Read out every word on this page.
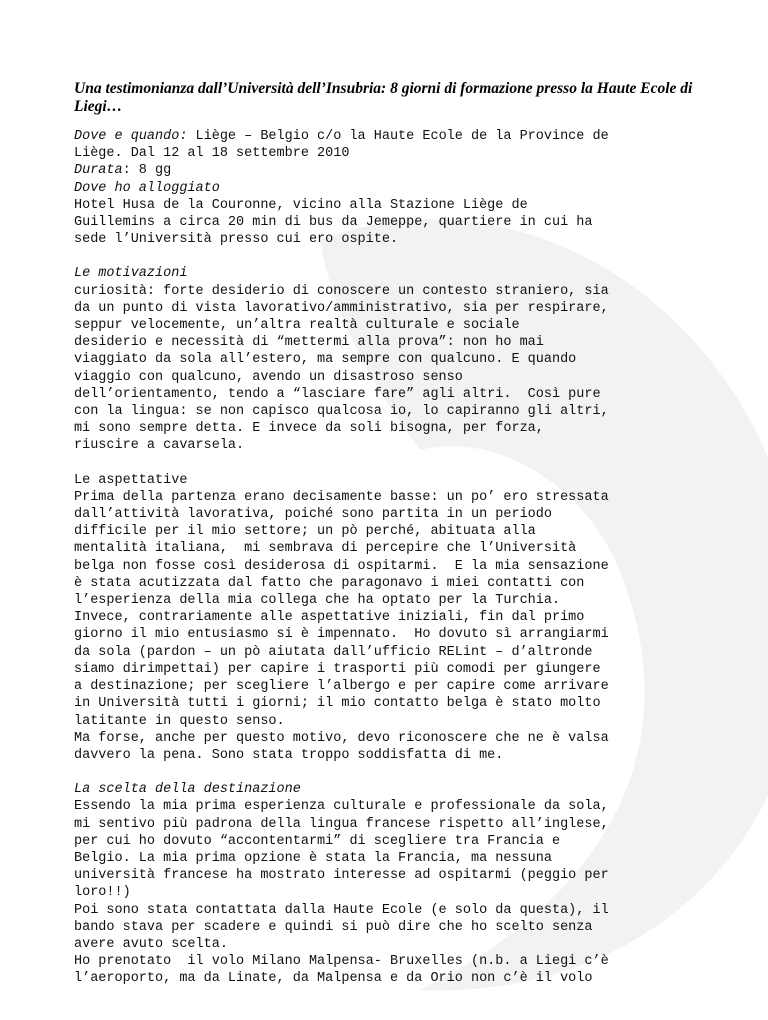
Una testimonianza dall’Università dell’Insubria: 8 giorni di formazione presso la Haute Ecole di Liegi…
Dove e quando: Liège – Belgio c/o la Haute Ecole de la Province de
Liège. Dal 12 al 18 settembre 2010
Durata: 8 gg
Dove ho alloggiato
Hotel Husa de la Couronne, vicino alla Stazione Liège de
Guillemins a circa 20 min di bus da Jemeppe, quartiere in cui ha
sede l’Università presso cui ero ospite.
Le motivazioni
curiosità: forte desiderio di conoscere un contesto straniero, sia
da un punto di vista lavorativo/amministrativo, sia per respirare,
seppur velocemente, un’altra realtà culturale e sociale
desiderio e necessità di “mettermi alla prova”: non ho mai
viaggiato da sola all’estero, ma sempre con qualcuno. E quando
viaggio con qualcuno, avendo un disastroso senso
dell’orientamento, tendo a “lasciare fare” agli altri.  Così pure
con la lingua: se non capisco qualcosa io, lo capiranno gli altri,
mi sono sempre detta. E invece da soli bisogna, per forza,
riuscire a cavarsela.
Le aspettative
Prima della partenza erano decisamente basse: un po’ ero stressata
dall’attività lavorativa, poiché sono partita in un periodo
difficile per il mio settore; un pò perché, abituata alla
mentalità italiana,  mi sembrava di percepire che l’Università
belga non fosse così desiderosa di ospitarmi.  E la mia sensazione
è stata acutizzata dal fatto che paragonavo i miei contatti con
l’esperienza della mia collega che ha optato per la Turchia.
Invece, contrariamente alle aspettative iniziali, fin dal primo
giorno il mio entusiasmo si è impennato.  Ho dovuto sì arrangiarmi
da sola (pardon – un pò aiutata dall’ufficio RELint – d’altronde
siamo dirimpettai) per capire i trasporti più comodi per giungere
a destinazione; per scegliere l’albergo e per capire come arrivare
in Università tutti i giorni; il mio contatto belga è stato molto
latitante in questo senso.
Ma forse, anche per questo motivo, devo riconoscere che ne è valsa
davvero la pena. Sono stata troppo soddisfatta di me.
La scelta della destinazione
Essendo la mia prima esperienza culturale e professionale da sola,
mi sentivo più padrona della lingua francese rispetto all’inglese,
per cui ho dovuto “accontentarmi” di scegliere tra Francia e
Belgio. La mia prima opzione è stata la Francia, ma nessuna
università francese ha mostrato interesse ad ospitarmi (peggio per
loro!!)
Poi sono stata contattata dalla Haute Ecole (e solo da questa), il
bando stava per scadere e quindi si può dire che ho scelto senza
avere avuto scelta.
Ho prenotato  il volo Milano Malpensa- Bruxelles (n.b. a Liegi c’è
l’aeroporto, ma da Linate, da Malpensa e da Orio non c’è il volo
